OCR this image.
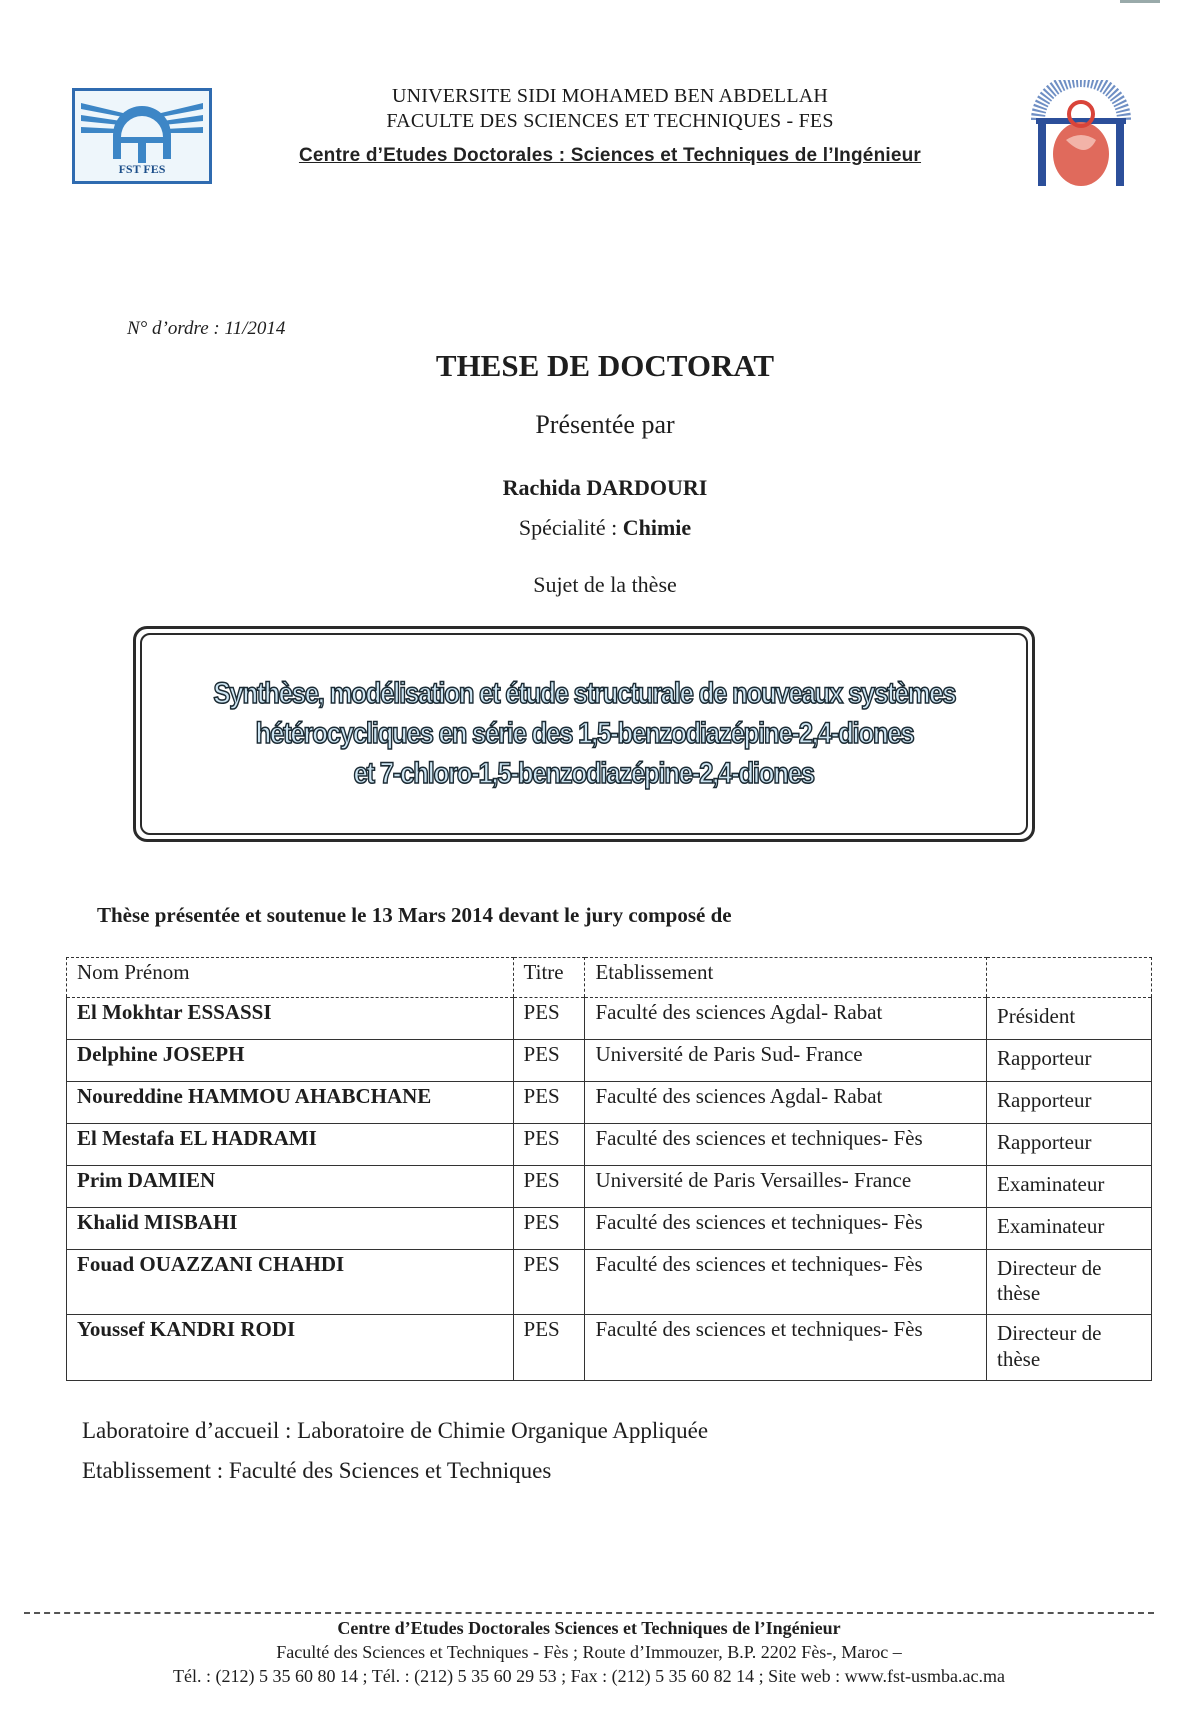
FST FES
UNIVERSITE SIDI MOHAMED BEN ABDELLAH
FACULTE DES SCIENCES ET TECHNIQUES - FES
Centre d’Etudes Doctorales : Sciences et Techniques de l’Ingénieur
N° d’ordre : 11/2014
THESE DE DOCTORAT
Présentée par
Rachida DARDOURI
Spécialité : Chimie
Sujet de la thèse
Synthèse, modélisation et étude structurale de nouveaux systèmes
hétérocycliques en série des 1,5-benzodiazépine-2,4-diones
et 7-chloro-1,5-benzodiazépine-2,4-diones
Thèse présentée et soutenue le 13 Mars 2014 devant le jury composé de
Nom Prénom	Titre	Etablissement	
El Mokhtar ESSASSI	PES	Faculté des sciences Agdal- Rabat	Président
Delphine JOSEPH	PES	Université de Paris Sud- France	Rapporteur
Noureddine HAMMOU AHABCHANE	PES	Faculté des sciences Agdal- Rabat	Rapporteur
El Mestafa EL HADRAMI	PES	Faculté des sciences et techniques- Fès	Rapporteur
Prim DAMIEN	PES	Université de Paris Versailles- France	Examinateur
Khalid MISBAHI	PES	Faculté des sciences et techniques- Fès	Examinateur
Fouad OUAZZANI CHAHDI	PES	Faculté des sciences et techniques- Fès	Directeur de thèse
Youssef KANDRI RODI	PES	Faculté des sciences et techniques- Fès	Directeur de thèse
Laboratoire d’accueil : Laboratoire de Chimie Organique Appliquée
Etablissement : Faculté des Sciences et Techniques
Centre d’Etudes Doctorales Sciences et Techniques de l’Ingénieur
Faculté des Sciences et Techniques - Fès ; Route d’Immouzer, B.P. 2202 Fès-, Maroc –
Tél. : (212) 5 35 60 80 14 ; Tél. : (212) 5 35 60 29 53 ; Fax : (212) 5 35 60 82 14 ; Site web : www.fst-usmba.ac.ma
